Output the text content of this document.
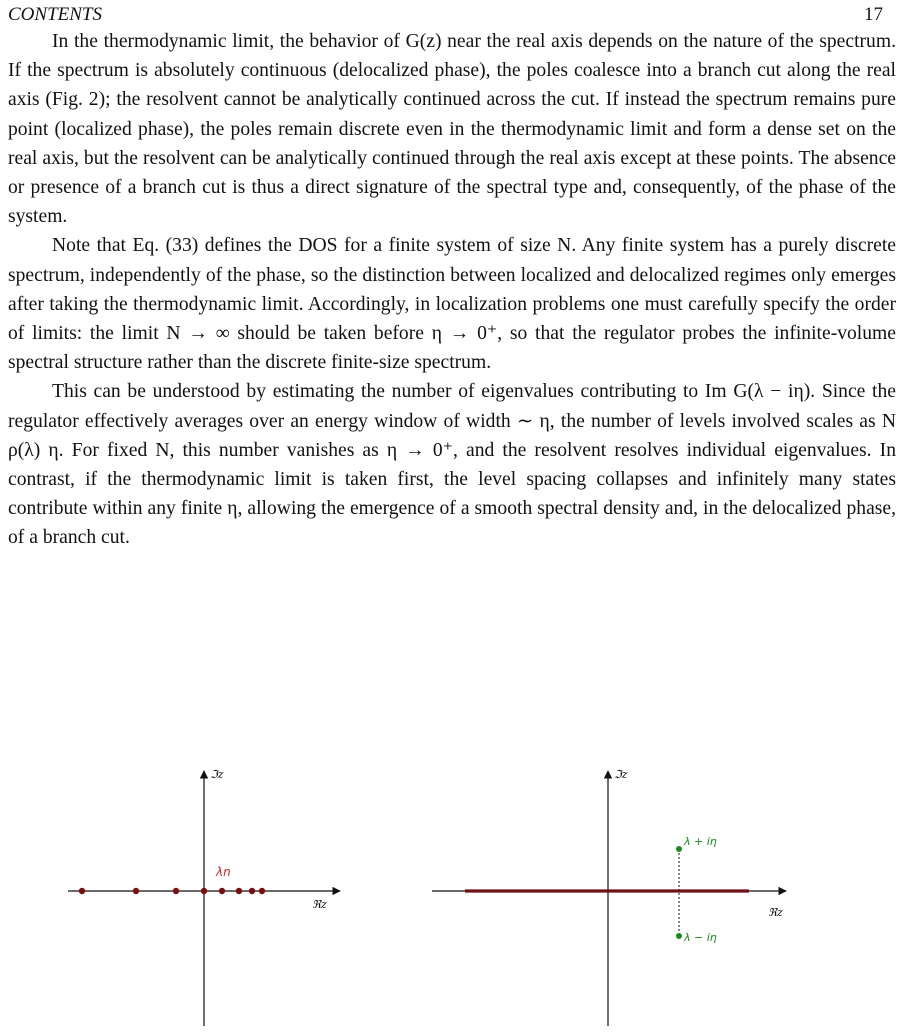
CONTENTS	17

In the thermodynamic limit, the behavior of G(z) near the real axis depends on the nature of the spectrum. If the spectrum is absolutely continuous (delocalized phase), the poles coalesce into a branch cut along the real axis (Fig. 2); the resolvent cannot be analytically continued across the cut. If instead the spectrum remains pure point (localized phase), the poles remain discrete even in the thermodynamic limit and form a dense set on the real axis, but the resolvent can be analytically continued through the real axis except at these points. The absence or presence of a branch cut is thus a direct signature of the spectral type and, consequently, of the phase of the system.

Note that Eq. (33) defines the DOS for a finite system of size N. Any finite system has a purely discrete spectrum, independently of the phase, so the distinction between localized and delocalized regimes only emerges after taking the thermodynamic limit. Accordingly, in localization problems one must carefully specify the order of limits: the limit N → ∞ should be taken before η → 0⁺, so that the regulator probes the infinite-volume spectral structure rather than the discrete finite-size spectrum.

This can be understood by estimating the number of eigenvalues contributing to Im G(λ − iη). Since the regulator effectively averages over an energy window of width ∼ η, the number of levels involved scales as N ρ(λ) η. For fixed N, this number vanishes as η → 0⁺, and the resolvent resolves individual eigenvalues. In contrast, if the thermodynamic limit is taken first, the level spacing collapses and infinitely many states contribute within any finite η, allowing the emergence of a smooth spectral density and, in the delocalized phase, of a branch cut.

ℑz
ℜz
λn
ℑz
ℜz
λ + iη
λ − iη
